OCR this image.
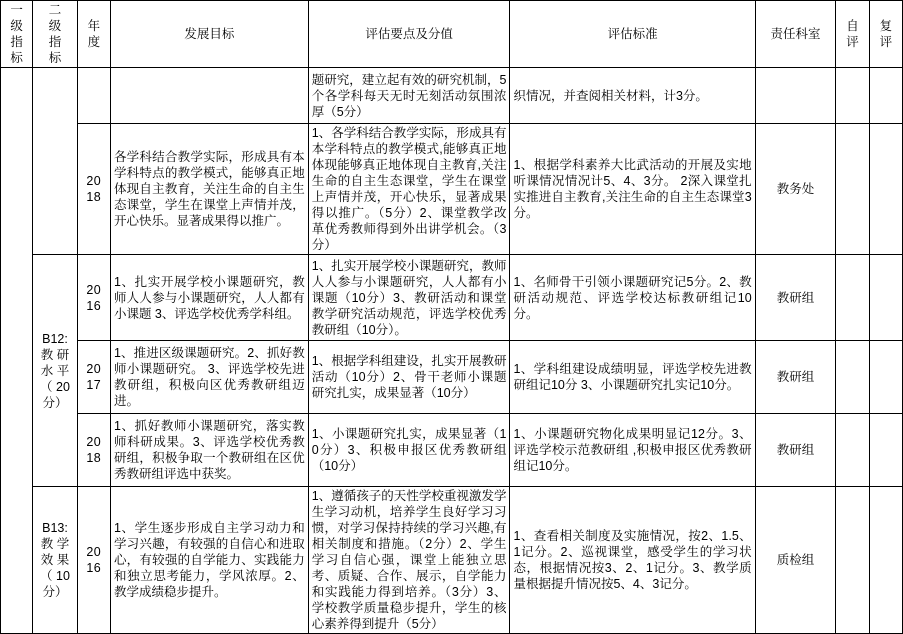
一级指标	二级指标	年度	发展目标	评估要点及分值	评估标准	责任科室	自评	复评

				题研究，建立起有效的研究机制，5个各学科每天无时无刻活动氛围浓厚（5分）	织情况，并查阅相关材料，计3分。			

		2018	各学科结合教学实际，形成具有本学科特点的教学模式，能够真正地体现自主教育，关注生命的自主生态课堂，学生在课堂上声情并茂，开心快乐。显著成果得以推广。	1、各学科结合教学实际，形成具有本学科特点的教学模式,能够真正地体现能够真正地体现自主教育,关注生命的自主生态课堂，学生在课堂上声情并茂，开心快乐，显著成果得以推广。（5分）2、课堂教学改革优秀教师得到外出讲学机会。（3分）	1、根据学科素养大比武活动的开展及实地听课情况情况计5、4、3分。 2深入课堂扎实推进自主教育,关注生命的自主生态课堂3分。	教务处		

	B12:教 研 水 平（ 20分）	2016	1、扎实开展学校小课题研究，教师人人参与小课题研究，人人都有小课题 3、评选学校优秀学科组。	1、扎实开展学校小课题研究，教师人人参与小课题研究，人人都有小课题（10分）3、教研活动和课堂教学研究活动规范，评选学校优秀教研组（10分）。	1、名师骨干引领小课题研究记5分。2、教研活动规范、评选学校达标教研组记10分。	教研组		

		2017	1、推进区级课题研究。2、抓好教师小课题研究。 3、评选学校先进教研组，积极向区优秀教研组迈进。	1、根据学科组建设，扎实开展教研活动（10分）2、骨干老师小课题研究扎实，成果显著（10分）	1、学科组建设成绩明显，评选学校先进教研组记10分 3、小课题研究扎实记10分。	教研组		

		2018	1、抓好教师小课题研究，落实教师科研成果。3、评选学校优秀教研组，积极争取一个教研组在区优秀教研组评选中获奖。	1、小课题研究扎实，成果显著（10分）3、积极申报区优秀教研组（10分）	1、小课题研究物化成果明显记12分。3、评选学校示范教研组 ,积极申报区优秀教研组记10分。	教研组		

	B13:教 学 效 果（ 10分）	2016	1、学生逐步形成自主学习动力和学习兴趣，有较强的自信心和进取心，有较强的自学能力、实践能力和独立思考能力，学风浓厚。2、教学成绩稳步提升。	1、遵循孩子的天性学校重视激发学生学习动机，培养学生良好学习习惯，对学习保持持续的学习兴趣,有相关制度和措施。（2分）2、学生学习自信心强，课堂上能独立思考、质疑、合作、展示，自学能力和实践能力得到培养。（3分）3、学校教学质量稳步提升，学生的核心素养得到提升（5分）	1、查看相关制度及实施情况，按2、1.5、1记分。2、巡视课堂，感受学生的学习状态，根据情况按3、2、1记分。3、教学质量根据提升情况按5、4、3记分。	质检组		
